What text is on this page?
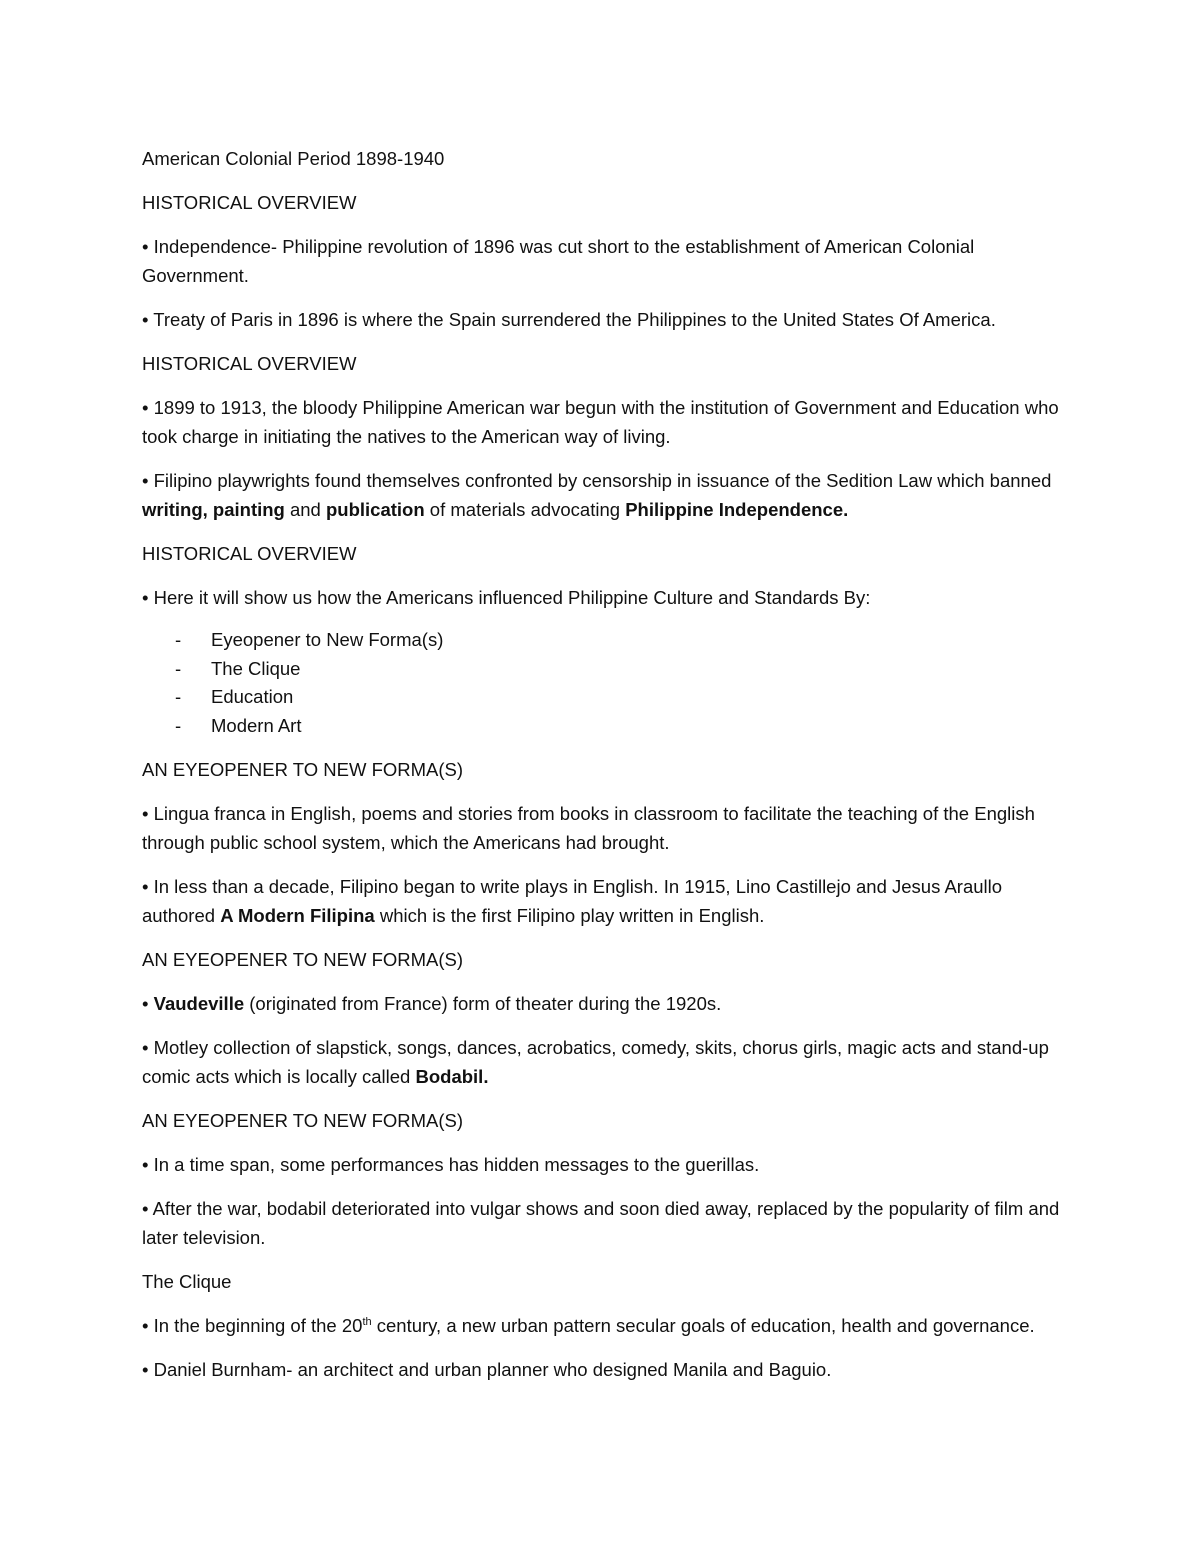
American Colonial Period 1898-1940

HISTORICAL OVERVIEW

• Independence- Philippine revolution of 1896 was cut short to the establishment of American Colonial Government.

• Treaty of Paris in 1896 is where the Spain surrendered the Philippines to the United States Of America.

HISTORICAL OVERVIEW

• 1899 to 1913, the bloody Philippine American war begun with the institution of Government and Education who took charge in initiating the natives to the American way of living.

• Filipino playwrights found themselves confronted by censorship in issuance of the Sedition Law which banned writing, painting and publication of materials advocating Philippine Independence.

HISTORICAL OVERVIEW

• Here it will show us how the Americans influenced Philippine Culture and Standards By:

- Eyeopener to New Forma(s)
- The Clique
- Education
- Modern Art

AN EYEOPENER TO NEW FORMA(S)

• Lingua franca in English, poems and stories from books in classroom to facilitate the teaching of the English through public school system, which the Americans had brought.

• In less than a decade, Filipino began to write plays in English. In 1915, Lino Castillejo and Jesus Araullo authored A Modern Filipina which is the first Filipino play written in English.

AN EYEOPENER TO NEW FORMA(S)

• Vaudeville (originated from France) form of theater during the 1920s.

• Motley collection of slapstick, songs, dances, acrobatics, comedy, skits, chorus girls, magic acts and stand-up comic acts which is locally called Bodabil.

AN EYEOPENER TO NEW FORMA(S)

• In a time span, some performances has hidden messages to the guerillas.

• After the war, bodabil deteriorated into vulgar shows and soon died away, replaced by the popularity of film and later television.

The Clique

• In the beginning of the 20th century, a new urban pattern secular goals of education, health and governance.

• Daniel Burnham- an architect and urban planner who designed Manila and Baguio.
